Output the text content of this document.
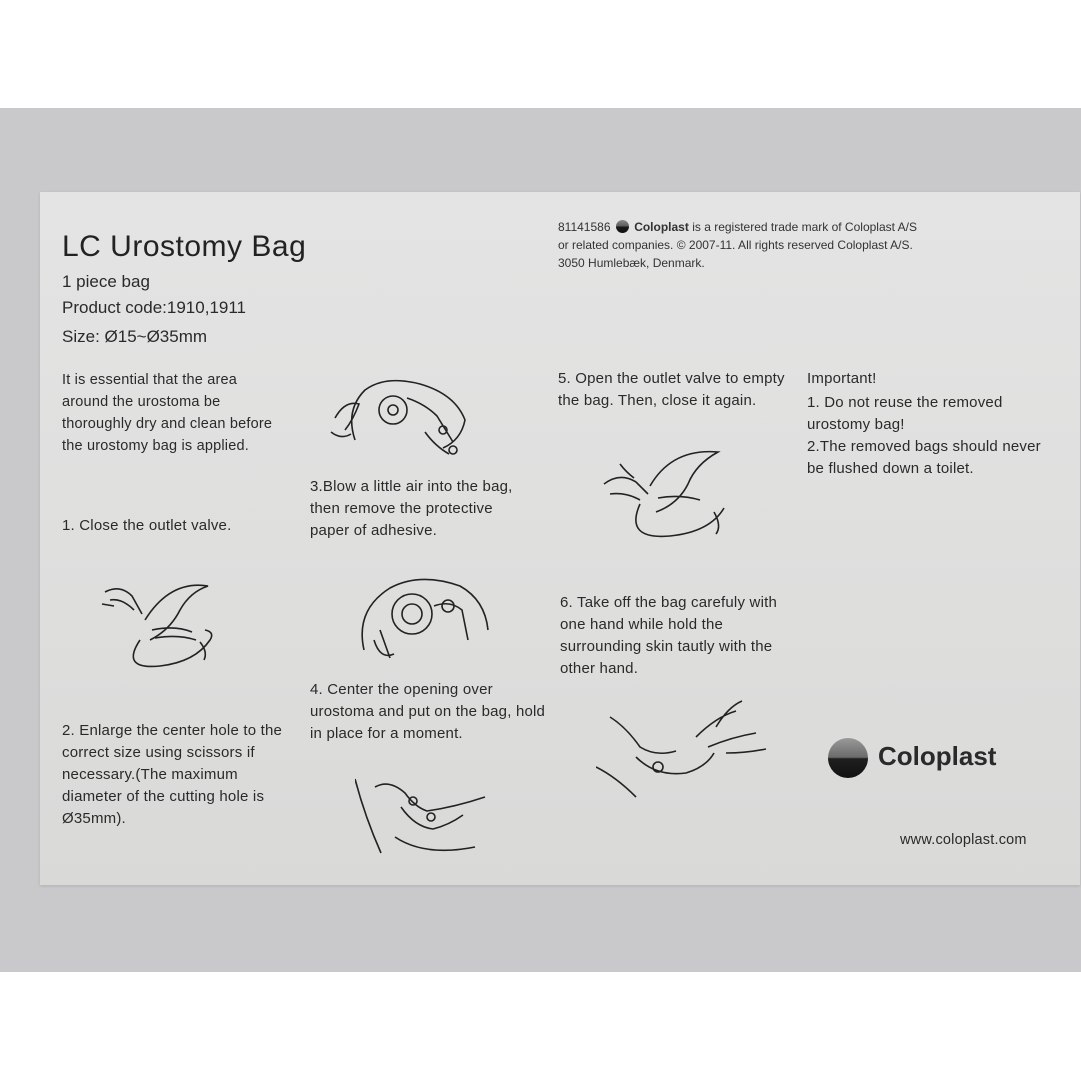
LC Urostomy Bag
1 piece bag
Product code:1910,1911
Size: Ø15~Ø35mm
81141586 Coloplast is a registered trade mark of Coloplast A/S
or related companies. © 2007-11. All rights reserved Coloplast A/S.
3050 Humlebæk, Denmark.
It is essential that the area around the urostoma be thoroughly dry and clean before the urostomy bag is applied.
1. Close the outlet valve.
2. Enlarge the center hole to the correct size using scissors if necessary.(The maximum diameter of the cutting hole is Ø35mm).
3.Blow a little air into the bag, then remove the protective paper of adhesive.
4. Center the opening over urostoma and put on the bag, hold in place for a moment.
5. Open the outlet valve to empty the bag. Then, close it again.
6. Take off the bag carefuly with one hand while hold the surrounding skin tautly with the other hand.
Important!
1. Do not reuse the removed urostomy bag!
2.The removed bags should never be flushed down a toilet.
Coloplast
www.coloplast.com
